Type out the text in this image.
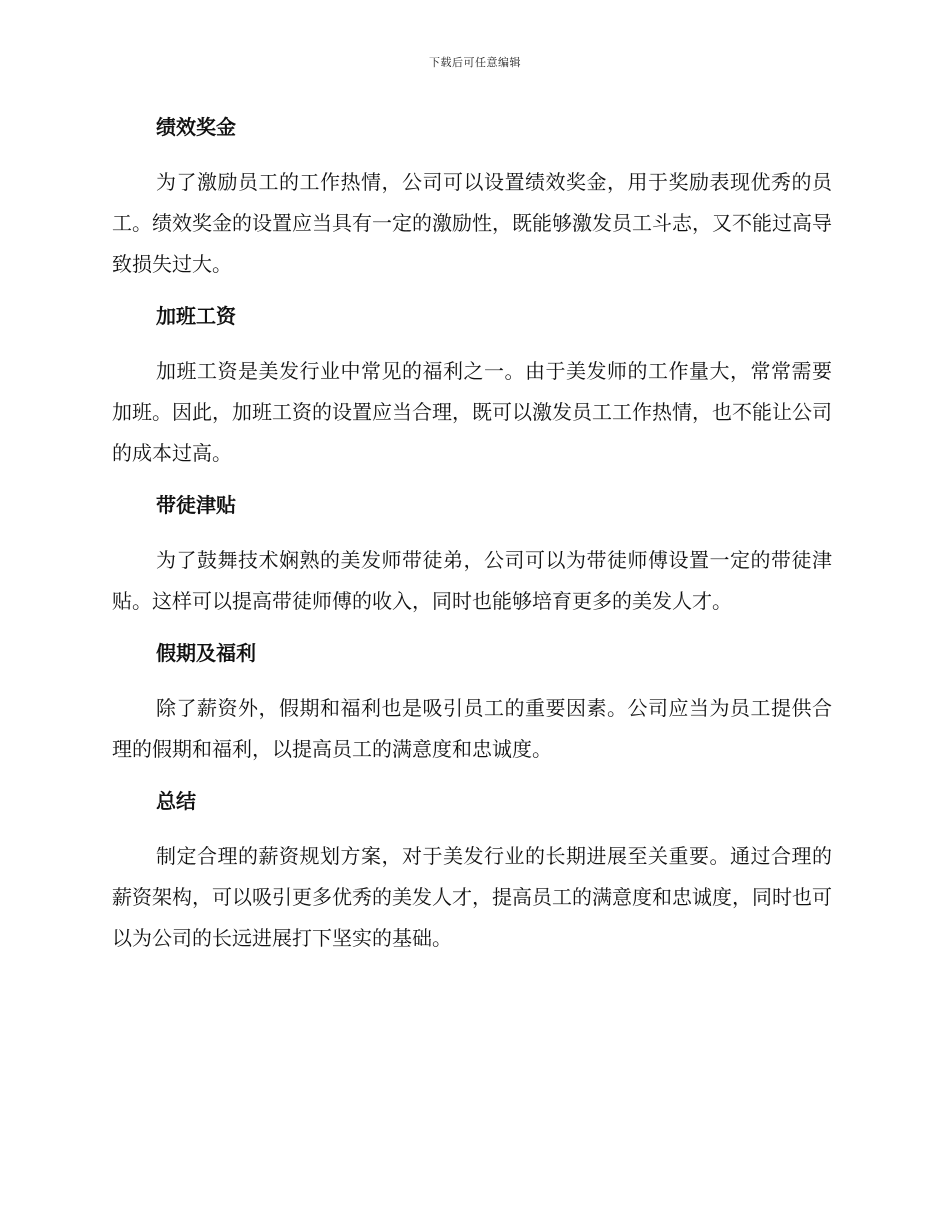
下载后可任意编辑
绩效奖金

为了激励员工的工作热情，公司可以设置绩效奖金，用于奖励表现优秀的员工。绩效奖金的设置应当具有一定的激励性，既能够激发员工斗志，又不能过高导致损失过大。

加班工资

加班工资是美发行业中常见的福利之一。由于美发师的工作量大，常常需要加班。因此，加班工资的设置应当合理，既可以激发员工工作热情，也不能让公司的成本过高。

带徒津贴

为了鼓舞技术娴熟的美发师带徒弟，公司可以为带徒师傅设置一定的带徒津贴。这样可以提高带徒师傅的收入，同时也能够培育更多的美发人才。

假期及福利

除了薪资外，假期和福利也是吸引员工的重要因素。公司应当为员工提供合理的假期和福利，以提高员工的满意度和忠诚度。

总结

制定合理的薪资规划方案，对于美发行业的长期进展至关重要。通过合理的薪资架构，可以吸引更多优秀的美发人才，提高员工的满意度和忠诚度，同时也可以为公司的长远进展打下坚实的基础。
